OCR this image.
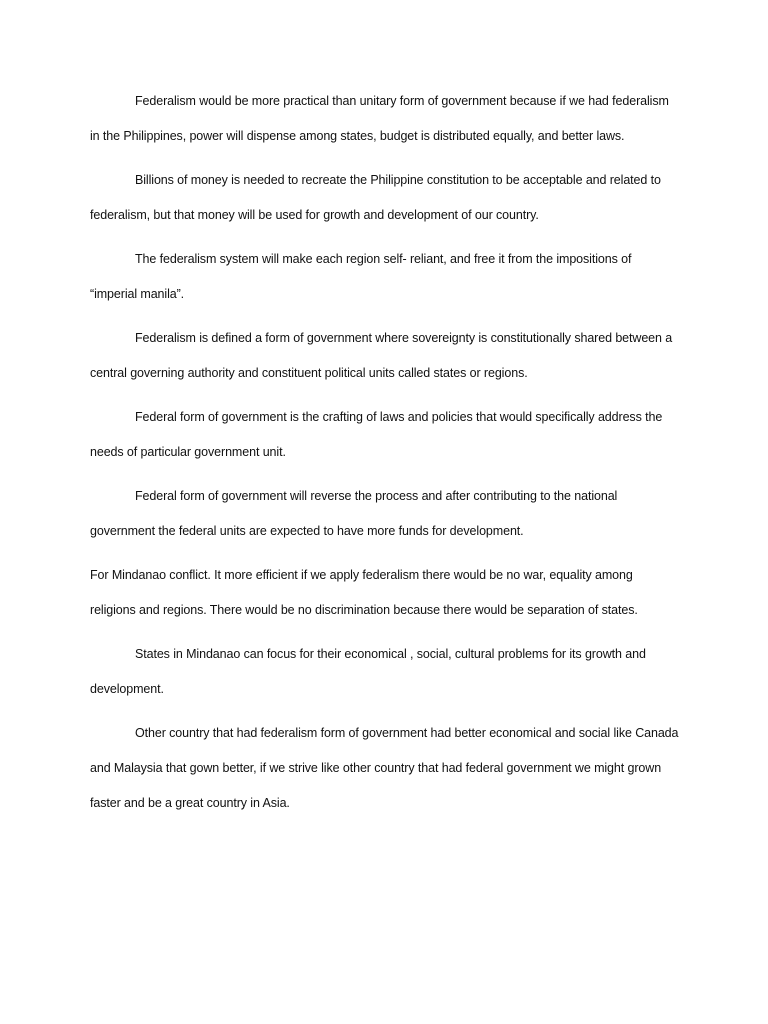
Federalism would be more practical than unitary form of government because if we had federalism in the Philippines, power will dispense among states, budget is distributed equally, and better laws.

Billions of money is needed to recreate the Philippine constitution to be acceptable and related to federalism, but that money will be used for growth and development of our country.

The federalism system will make each region self- reliant, and free it from the impositions of “imperial manila”.

Federalism is defined a form of government where sovereignty is constitutionally shared between a central governing authority and constituent political units called states or regions.

Federal form of government is the crafting of laws and policies that would specifically address the needs of particular government unit.

Federal form of government will reverse the process and after contributing to the national government the federal units are expected to have more funds for development.

For Mindanao conflict. It more efficient if we apply federalism there would be no war, equality among religions and regions. There would be no discrimination because there would be separation of states.

States in Mindanao can focus for their economical , social, cultural problems for its growth and development.

Other country that had federalism form of government had better economical and social like Canada and Malaysia that gown better, if we strive like other country that had federal government we might grown faster and be a great country in Asia.
